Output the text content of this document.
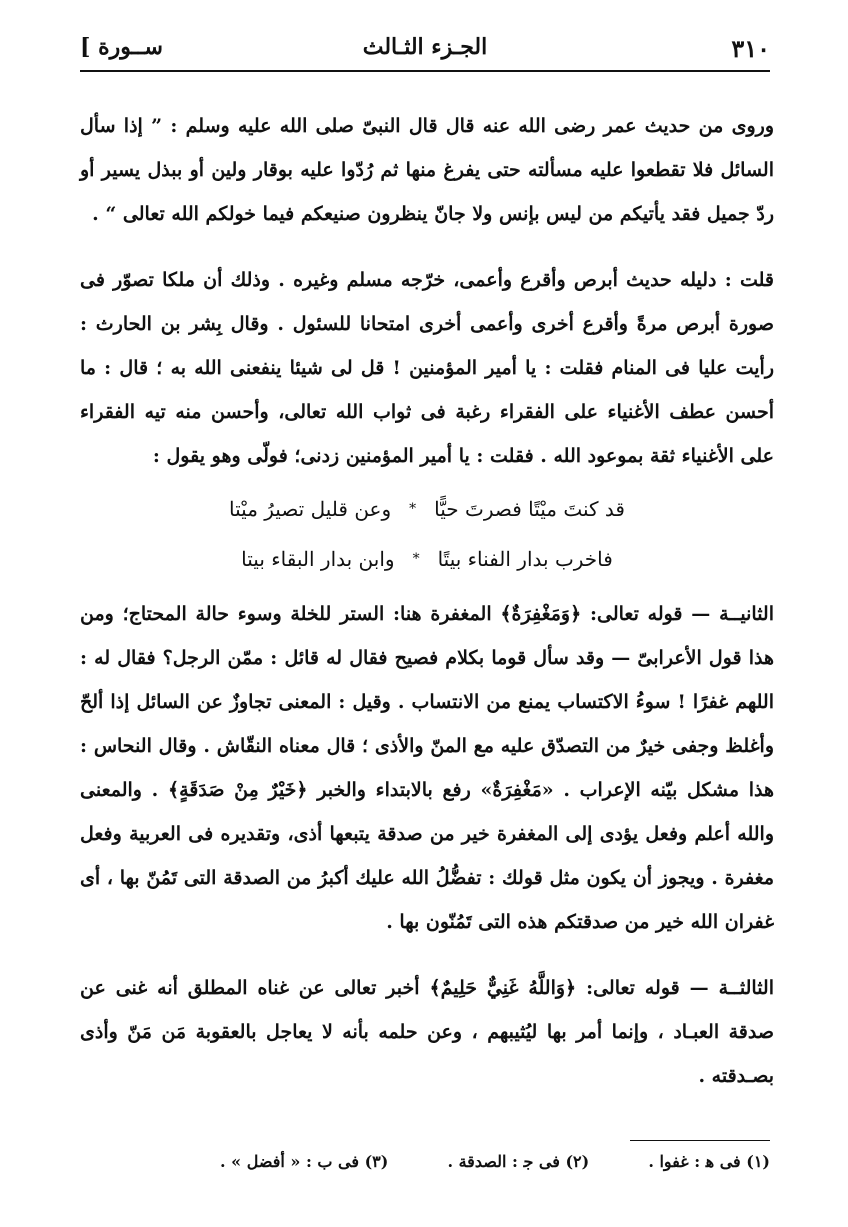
[ ســورة	الجـزء الثـالث	٣١٠

وروى من حديث عمر رضى الله عنه قال قال النبىّ صلى الله عليه وسلم : ” إذا سأل السائل فلا تقطعوا عليه مسألته حتى يفرغ منها ثم رُدّوا عليه بوقار ولين أو ببذل يسير أو ردّ جميل فقد يأتيكم من ليس بإنس ولا جانّ ينظرون صنيعكم فيما خولكم الله تعالى “ .

قلت : دليله حديث أبرص وأقرع وأعمى، خرّجه مسلم وغيره . وذلك أن ملكا تصوّر فى صورة أبرص مرةً وأقرع أخرى وأعمى أخرى امتحانا للسئول . وقال بِشر بن الحارث : رأيت عليا فى المنام فقلت : يا أمير المؤمنين ! قل لى شيئا ينفعنى الله به ؛ قال : ما أحسن عطف الأغنياء على الفقراء رغبة فى ثواب الله تعالى، وأحسن منه تيه الفقراء على الأغنياء ثقة بموعود الله . فقلت : يا أمير المؤمنين زدنى؛ فولّى وهو يقول :

قد كنتَ ميْتًا فصرتَ حيًّا
*
وعن قليل تصيرُ ميْتا
فاخرب بدار الفناء بيتًا
*
وابن بدار البقاء بيتا

الثانيــة — قوله تعالى: ﴿وَمَغْفِرَةٌ﴾ المغفرة هنا: الستر للخلة وسوء حالة المحتاج؛ ومن هذا قول الأعرابىّ — وقد سأل قوما بكلام فصيح فقال له قائل : ممّن الرجل؟ فقال له : اللهم غفرًا ! سوءُ الاكتساب يمنع من الانتساب . وقيل : المعنى تجاوزٌ عن السائل إذا ألحّ وأغلظ وجفى خيرٌ من التصدّق عليه مع المنّ والأذى ؛ قال معناه النقّاش . وقال النحاس : هذا مشكل بيّنه الإعراب . «مَغْفِرَةٌ» رفع بالابتداء والخبر ﴿خَيْرٌ مِنْ صَدَقَةٍ﴾ . والمعنى والله أعلم وفعل يؤدى إلى المغفرة خير من صدقة يتبعها أذى، وتقديره فى العربية وفعل مغفرة . ويجوز أن يكون مثل قولك : تفضُّلُ الله عليك أكبرُ من الصدقة التى تَمُنّ بها ، أى غفران الله خير من صدقتكم هذه التى تَمُنّون بها .

الثالثــة — قوله تعالى: ﴿وَاللَّهُ غَنِيٌّ حَلِيمٌ﴾ أخبر تعالى عن غناه المطلق أنه غنى عن صدقة العبـاد ، وإنما أمر بها ليُثيبهم ، وعن حلمه بأنه لا يعاجل بالعقوبة مَن مَنّ وأذى بصـدقته .

(١) فى ﻫ : غفوا .
(٢) فى ﺟ : الصدقة .
(٣) فى ب : « أفضل » .
